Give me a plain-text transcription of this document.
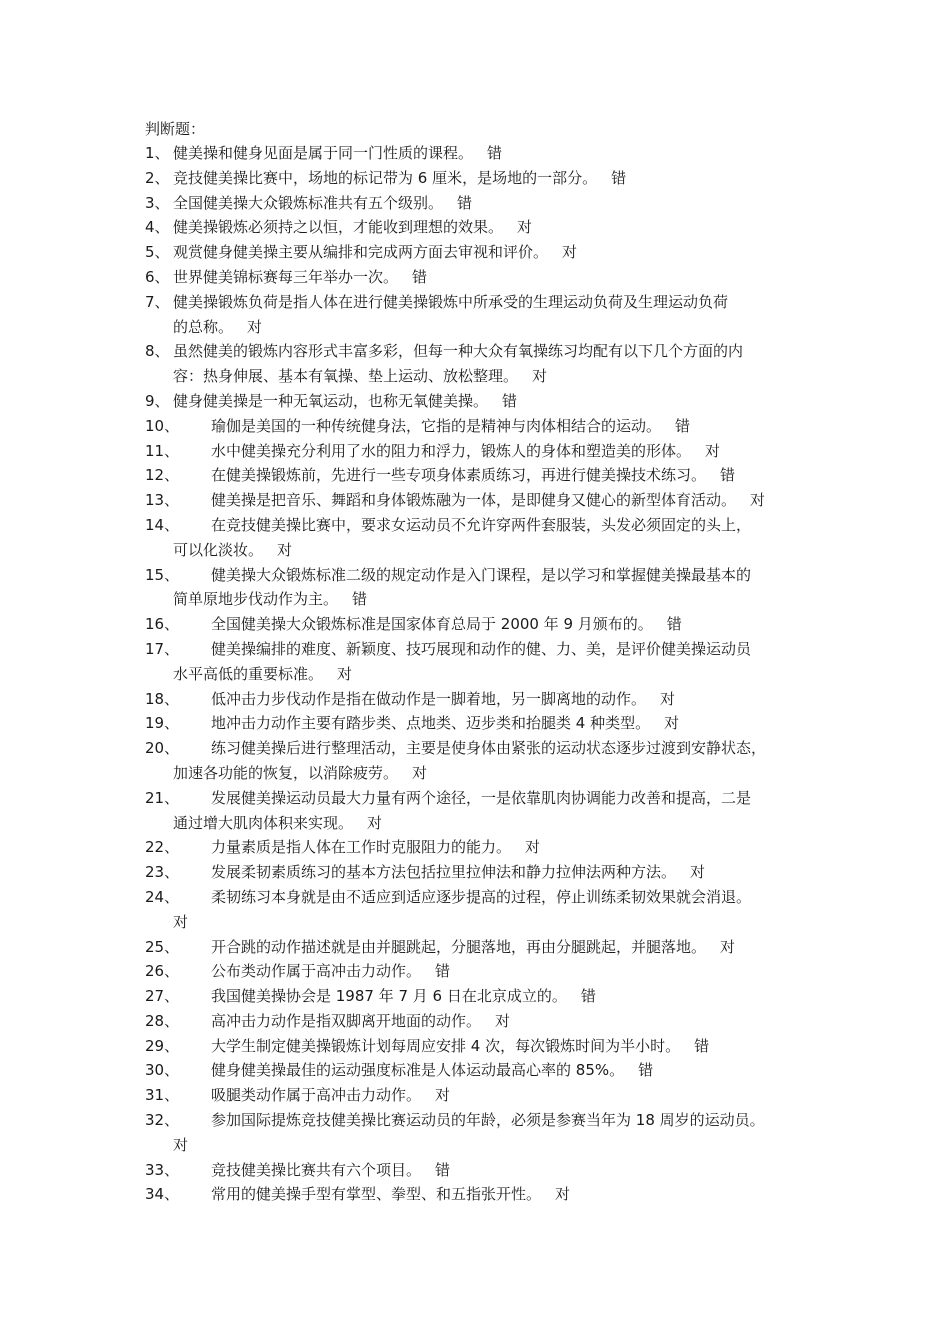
判断题：
1、 健美操和健身见面是属于同一门性质的课程。 错
2、 竞技健美操比赛中，场地的标记带为 6 厘米，是场地的一部分。 错
3、 全国健美操大众锻炼标准共有五个级别。 错
4、 健美操锻炼必须持之以恒，才能收到理想的效果。 对
5、 观赏健身健美操主要从编排和完成两方面去审视和评价。 对
6、 世界健美锦标赛每三年举办一次。 错
7、 健美操锻炼负荷是指人体在进行健美操锻炼中所承受的生理运动负荷及生理运动负荷
的总称。 对
8、 虽然健美的锻炼内容形式丰富多彩，但每一种大众有氧操练习均配有以下几个方面的内
容：热身伸展、基本有氧操、垫上运动、放松整理。 对
9、 健身健美操是一种无氧运动，也称无氧健美操。 错
10、 瑜伽是美国的一种传统健身法，它指的是精神与肉体相结合的运动。 错
11、 水中健美操充分利用了水的阻力和浮力，锻炼人的身体和塑造美的形体。 对
12、 在健美操锻炼前，先进行一些专项身体素质练习，再进行健美操技术练习。 错
13、 健美操是把音乐、舞蹈和身体锻炼融为一体，是即健身又健心的新型体育活动。 对
14、 在竞技健美操比赛中，要求女运动员不允许穿两件套服装，头发必须固定的头上，
可以化淡妆。 对
15、 健美操大众锻炼标准二级的规定动作是入门课程，是以学习和掌握健美操最基本的
简单原地步伐动作为主。 错
16、 全国健美操大众锻炼标准是国家体育总局于 2000 年 9 月颁布的。 错
17、 健美操编排的难度、新颖度、技巧展现和动作的健、力、美，是评价健美操运动员
水平高低的重要标准。 对
18、 低冲击力步伐动作是指在做动作是一脚着地，另一脚离地的动作。 对
19、 地冲击力动作主要有踏步类、点地类、迈步类和抬腿类 4 种类型。 对
20、 练习健美操后进行整理活动，主要是使身体由紧张的运动状态逐步过渡到安静状态，
加速各功能的恢复，以消除疲劳。 对
21、 发展健美操运动员最大力量有两个途径，一是依靠肌肉协调能力改善和提高，二是
通过增大肌肉体积来实现。 对
22、 力量素质是指人体在工作时克服阻力的能力。 对
23、 发展柔韧素质练习的基本方法包括拉里拉伸法和静力拉伸法两种方法。 对
24、 柔韧练习本身就是由不适应到适应逐步提高的过程，停止训练柔韧效果就会消退。
对
25、 开合跳的动作描述就是由并腿跳起，分腿落地，再由分腿跳起，并腿落地。 对
26、 公布类动作属于高冲击力动作。 错
27、 我国健美操协会是 1987 年 7 月 6 日在北京成立的。 错
28、 高冲击力动作是指双脚离开地面的动作。 对
29、 大学生制定健美操锻炼计划每周应安排 4 次，每次锻炼时间为半小时。 错
30、 健身健美操最佳的运动强度标准是人体运动最高心率的 85%。 错
31、 吸腿类动作属于高冲击力动作。 对
32、 参加国际提炼竞技健美操比赛运动员的年龄，必须是参赛当年为 18 周岁的运动员。
对
33、 竞技健美操比赛共有六个项目。 错
34、 常用的健美操手型有掌型、拳型、和五指张开性。 对
